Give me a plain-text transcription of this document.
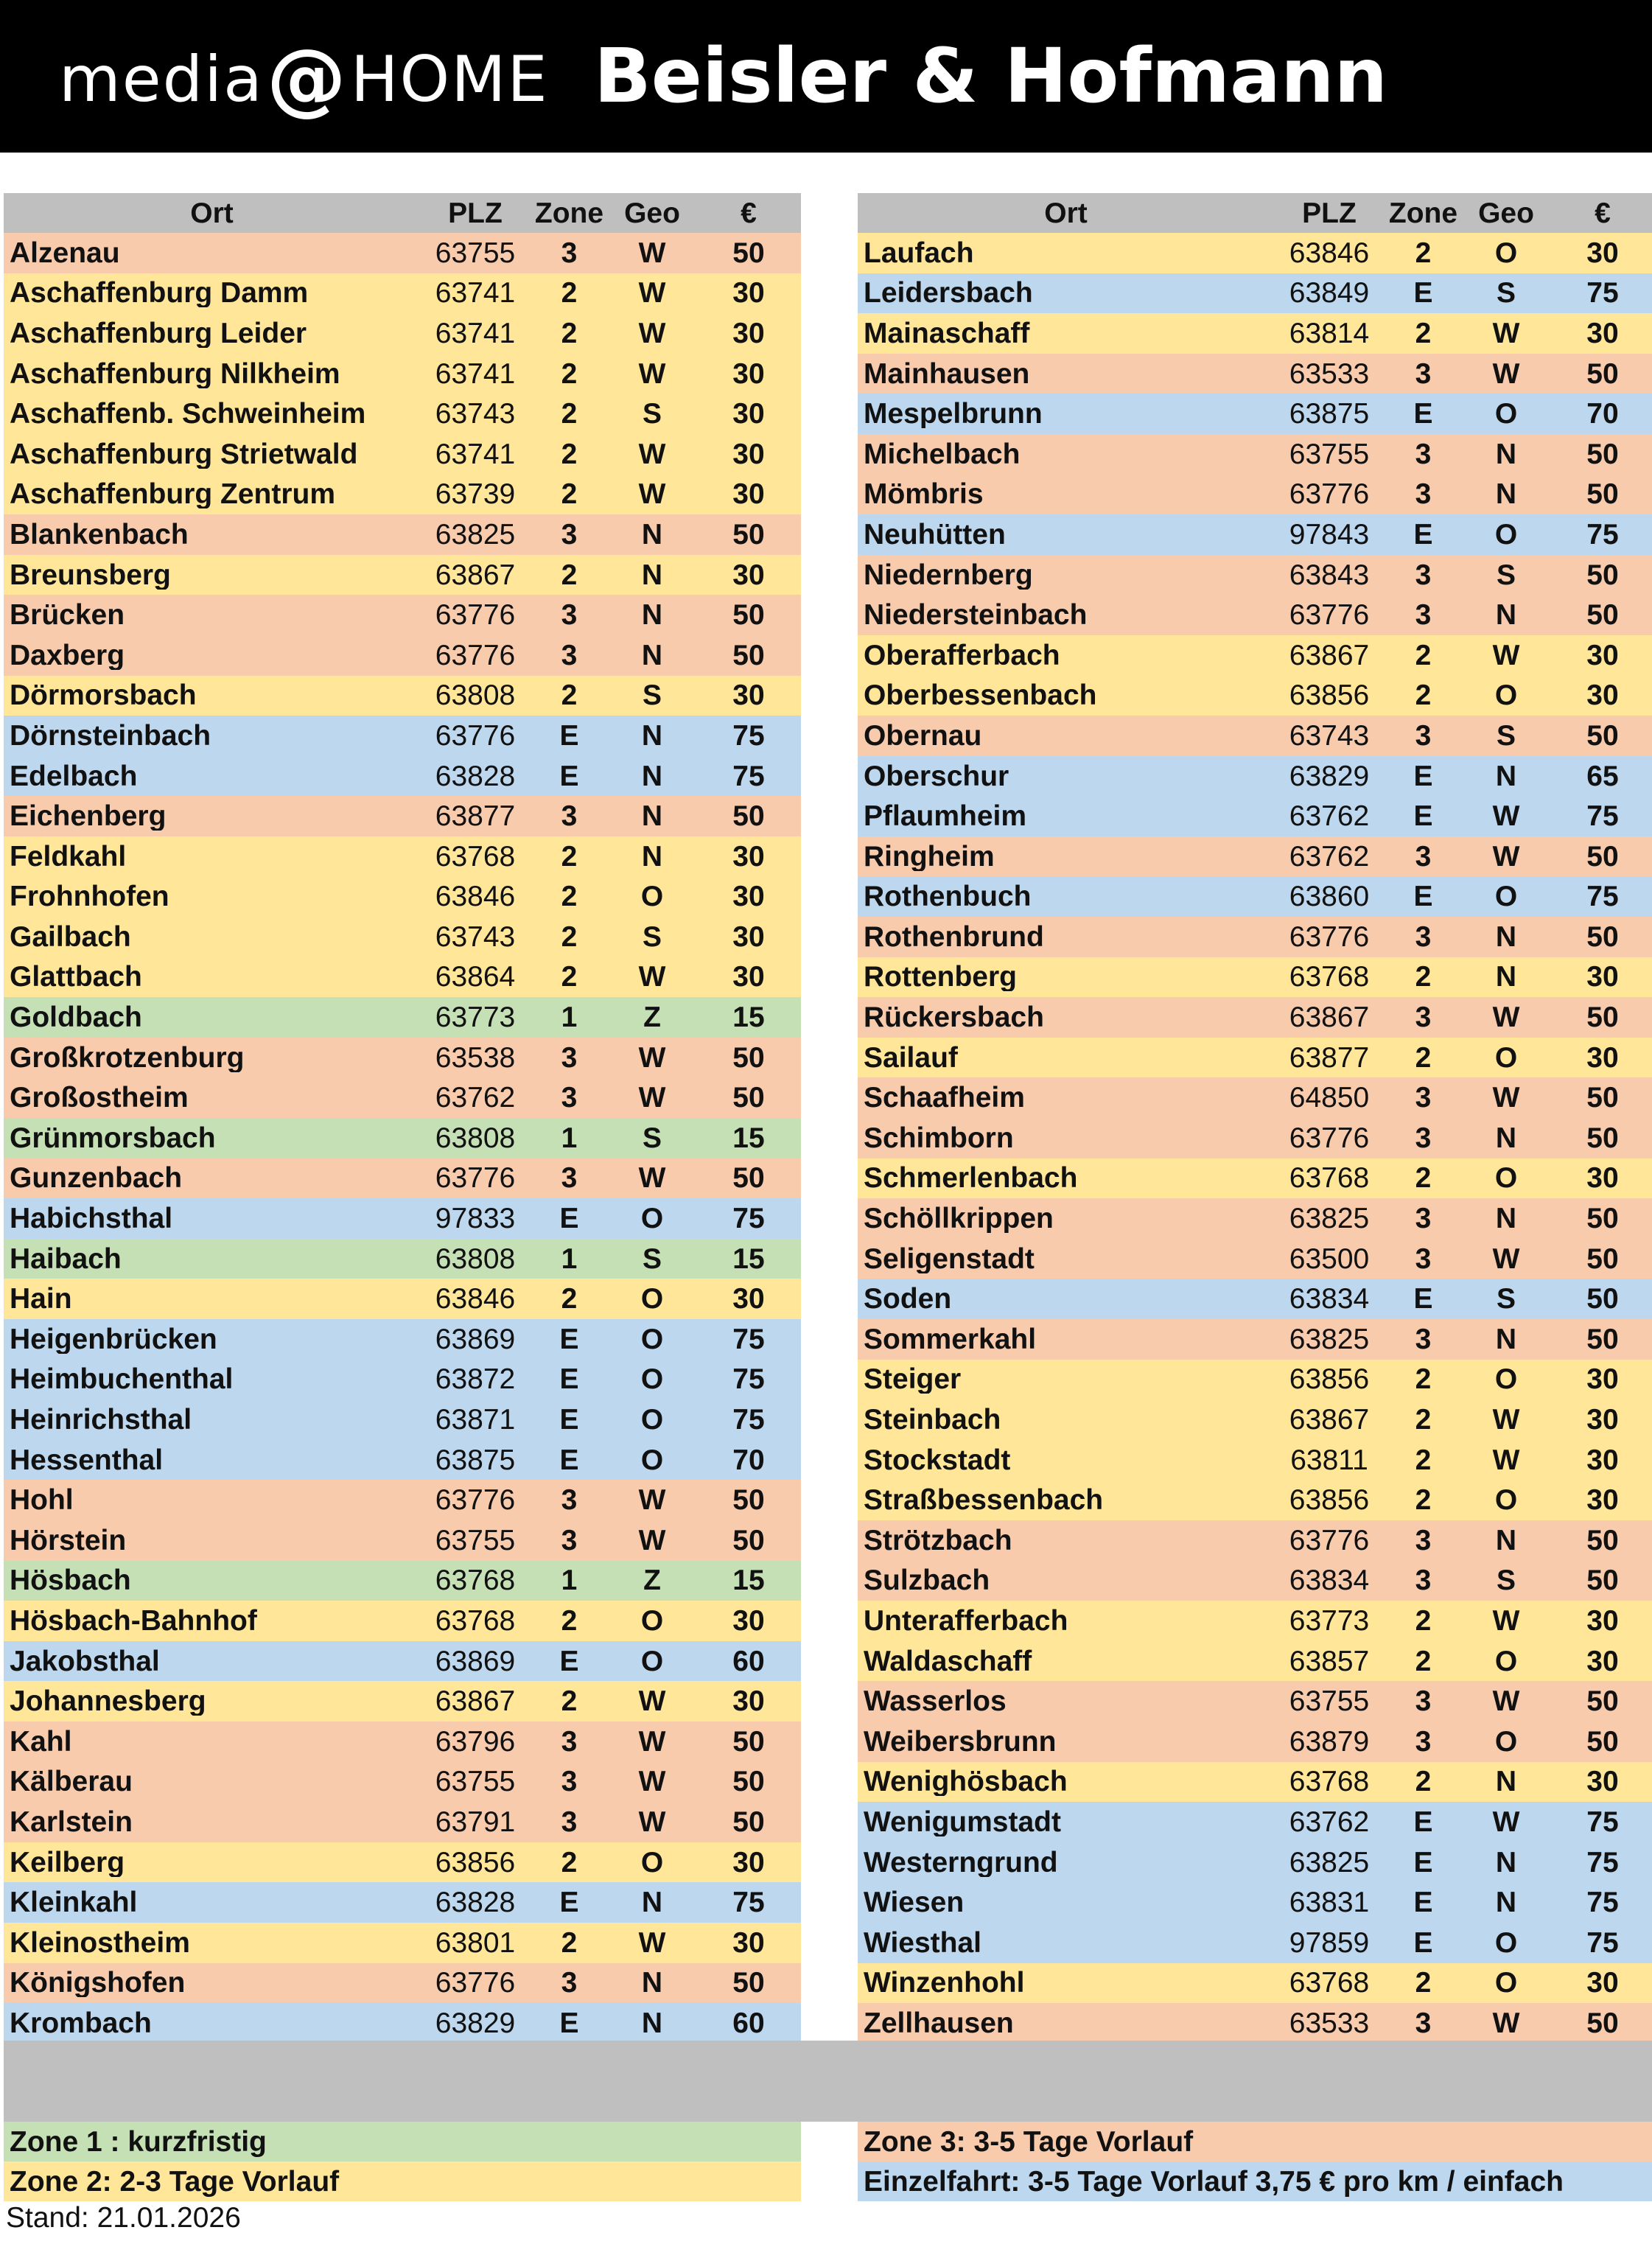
media@HOME Beisler & Hofmann
Ort	PLZ	Zone Geo	€
Alzenau	63755	3	W	50
Aschaffenburg Damm	63741	2	W	30
Aschaffenburg Leider	63741	2	W	30
Aschaffenburg Nilkheim	63741	2	W	30
Aschaffenb. Schweinheim	63743	2	S	30
Aschaffenburg Strietwald	63741	2	W	30
Aschaffenburg Zentrum	63739	2	W	30
Blankenbach	63825	3	N	50
Breunsberg	63867	2	N	30
Brücken	63776	3	N	50
Daxberg	63776	3	N	50
Dörmorsbach	63808	2	S	30
Dörnsteinbach	63776	E	N	75
Edelbach	63828	E	N	75
Eichenberg	63877	3	N	50
Feldkahl	63768	2	N	30
Frohnhofen	63846	2	O	30
Gailbach	63743	2	S	30
Glattbach	63864	2	W	30
Goldbach	63773	1	Z	15
Großkrotzenburg	63538	3	W	50
Großostheim	63762	3	W	50
Grünmorsbach	63808	1	S	15
Gunzenbach	63776	3	W	50
Habichsthal	97833	E	O	75
Haibach	63808	1	S	15
Hain	63846	2	O	30
Heigenbrücken	63869	E	O	75
Heimbuchenthal	63872	E	O	75
Heinrichsthal	63871	E	O	75
Hessenthal	63875	E	O	70
Hohl	63776	3	W	50
Hörstein	63755	3	W	50
Hösbach	63768	1	Z	15
Hösbach-Bahnhof	63768	2	O	30
Jakobsthal	63869	E	O	60
Johannesberg	63867	2	W	30
Kahl	63796	3	W	50
Kälberau	63755	3	W	50
Karlstein	63791	3	W	50
Keilberg	63856	2	O	30
Kleinkahl	63828	E	N	75
Kleinostheim	63801	2	W	30
Königshofen	63776	3	N	50
Krombach	63829	E	N	60
Ort	PLZ	Zone Geo	€
Laufach	63846	2	O	30
Leidersbach	63849	E	S	75
Mainaschaff	63814	2	W	30
Mainhausen	63533	3	W	50
Mespelbrunn	63875	E	O	70
Michelbach	63755	3	N	50
Mömbris	63776	3	N	50
Neuhütten	97843	E	O	75
Niedernberg	63843	3	S	50
Niedersteinbach	63776	3	N	50
Oberafferbach	63867	2	W	30
Oberbessenbach	63856	2	O	30
Obernau	63743	3	S	50
Oberschur	63829	E	N	65
Pflaumheim	63762	E	W	75
Ringheim	63762	3	W	50
Rothenbuch	63860	E	O	75
Rothenbrund	63776	3	N	50
Rottenberg	63768	2	N	30
Rückersbach	63867	3	W	50
Sailauf	63877	2	O	30
Schaafheim	64850	3	W	50
Schimborn	63776	3	N	50
Schmerlenbach	63768	2	O	30
Schöllkrippen	63825	3	N	50
Seligenstadt	63500	3	W	50
Soden	63834	E	S	50
Sommerkahl	63825	3	N	50
Steiger	63856	2	O	30
Steinbach	63867	2	W	30
Stockstadt	63811	2	W	30
Straßbessenbach	63856	2	O	30
Strötzbach	63776	3	N	50
Sulzbach	63834	3	S	50
Unterafferbach	63773	2	W	30
Waldaschaff	63857	2	O	30
Wasserlos	63755	3	W	50
Weibersbrunn	63879	3	O	50
Wenighösbach	63768	2	N	30
Wenigumstadt	63762	E	W	75
Westerngrund	63825	E	N	75
Wiesen	63831	E	N	75
Wiesthal	97859	E	O	75
Winzenhohl	63768	2	O	30
Zellhausen	63533	3	W	50
Zone 1 : kurzfristig
Zone 2: 2-3 Tage Vorlauf
Zone 3: 3-5 Tage Vorlauf
Einzelfahrt: 3-5 Tage Vorlauf 3,75 € pro km / einfach
Stand: 21.01.2026
